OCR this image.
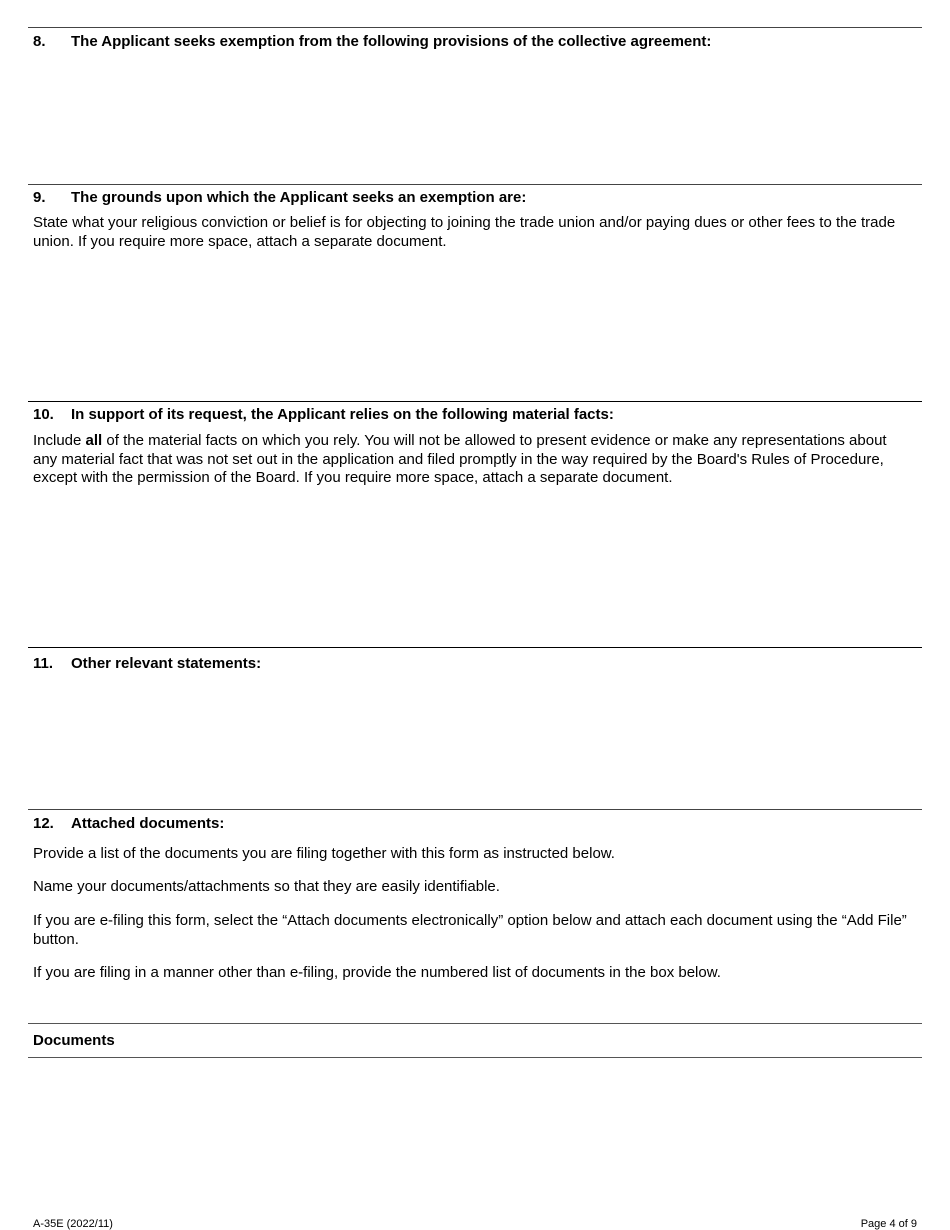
8. The Applicant seeks exemption from the following provisions of the collective agreement:
9. The grounds upon which the Applicant seeks an exemption are:
State what your religious conviction or belief is for objecting to joining the trade union and/or paying dues or other fees to the trade union. If you require more space, attach a separate document.
10. In support of its request, the Applicant relies on the following material facts:
Include all of the material facts on which you rely. You will not be allowed to present evidence or make any representations about any material fact that was not set out in the application and filed promptly in the way required by the Board's Rules of Procedure, except with the permission of the Board. If you require more space, attach a separate document.
11. Other relevant statements:
12. Attached documents:
Provide a list of the documents you are filing together with this form as instructed below.
Name your documents/attachments so that they are easily identifiable.
If you are e-filing this form, select the “Attach documents electronically” option below and attach each document using the “Add File” button.
If you are filing in a manner other than e-filing, provide the numbered list of documents in the box below.
Documents
A-35E (2022/11)	Page 4 of 9
